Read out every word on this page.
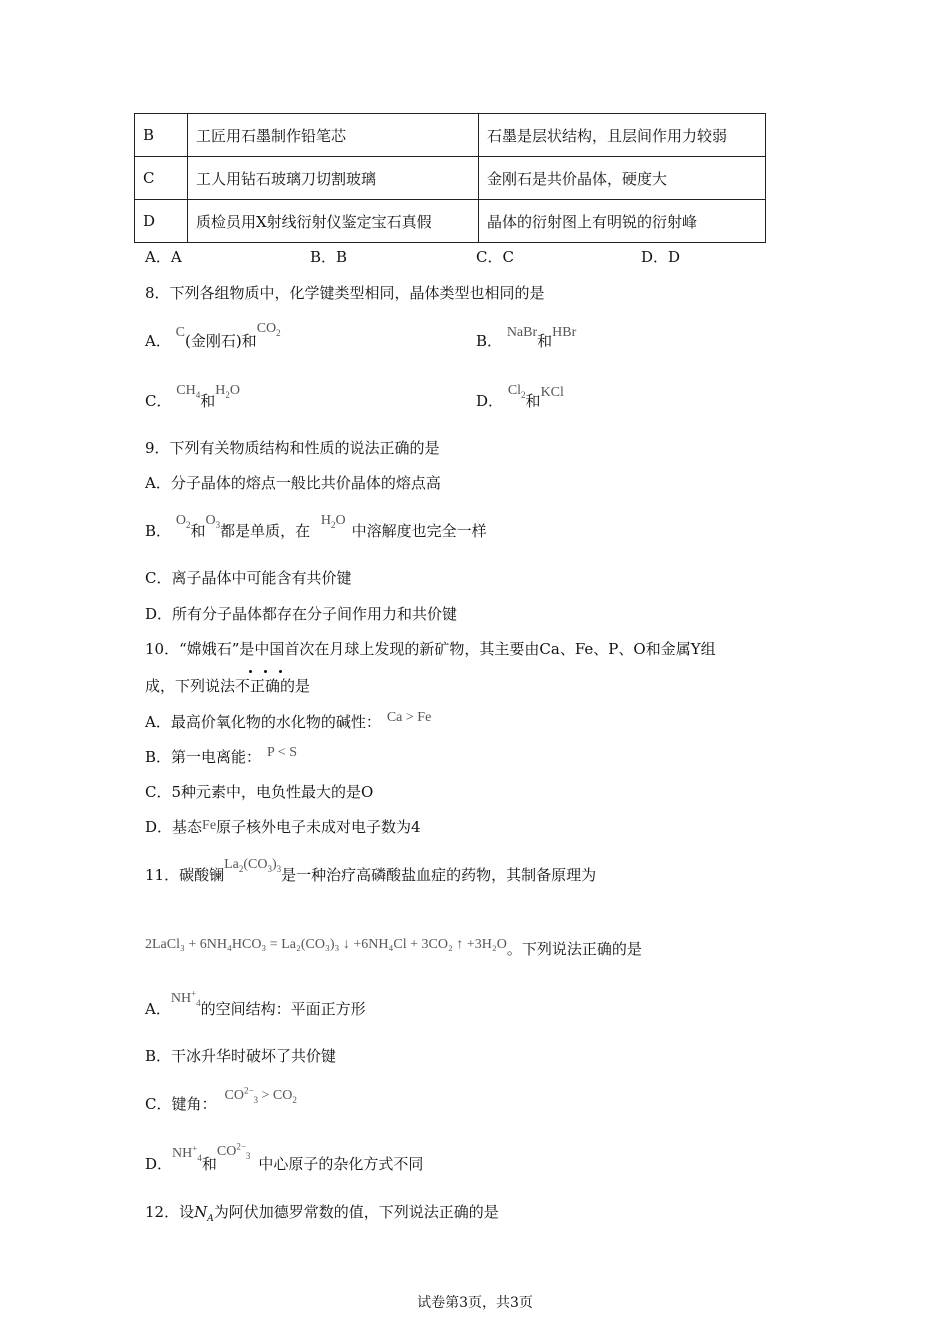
B	工匠用石墨制作铅笔芯	石墨是层状结构，且层间作用力较弱
C	工人用钻石玻璃刀切割玻璃	金刚石是共价晶体，硬度大
D	质检员用X射线衍射仪鉴定宝石真假	晶体的衍射图上有明锐的衍射峰
A．A	B．B	C．C	D．D
8．下列各组物质中，化学键类型相同，晶体类型也相同的是
A． C(金刚石)和$CO_2$	B． NaBr和HBr
C． $CH_4$和$H_2O$
D． $Cl_2$和KCl
9．下列有关物质结构和性质的说法正确的是
A．分子晶体的熔点一般比共价晶体的熔点高
B． $O_2$和$O_3$都是单质，在 $H_2O$中溶解度也完全一样
C．离子晶体中可能含有共价键
D．所有分子晶体都存在分子间作用力和共价键
10．“嫦娥石”是中国首次在月球上发现的新矿物，其主要由Ca、Fe、P、O和金属Y组
成，下列说法不正确的是
A．最高价氧化物的水化物的碱性： Ca > Fe
B．第一电离能： P < S
C．5种元素中，电负性最大的是O
D．基态Fe原子核外电子未成对电子数为4
11．碳酸镧$La_2(CO_3)_3$是一种治疗高磷酸盐血症的药物，其制备原理为
2LaCl₃ + 6NH₄HCO₃ = La₂(CO₃)₃ ↓ +6NH₄Cl + 3CO₂ ↑ +3H₂O。下列说法正确的是
A．$NH^+_4$的空间结构：平面正方形
B．干冰升华时破坏了共价键
C．键角： $CO^{2-}_3 > CO_2$
D．$NH^+_4$和$CO^{2-}_3$ 中心原子的杂化方式不同
12．设$N_A$为阿伏加德罗常数的值，下列说法正确的是
试卷第3页，共3页
